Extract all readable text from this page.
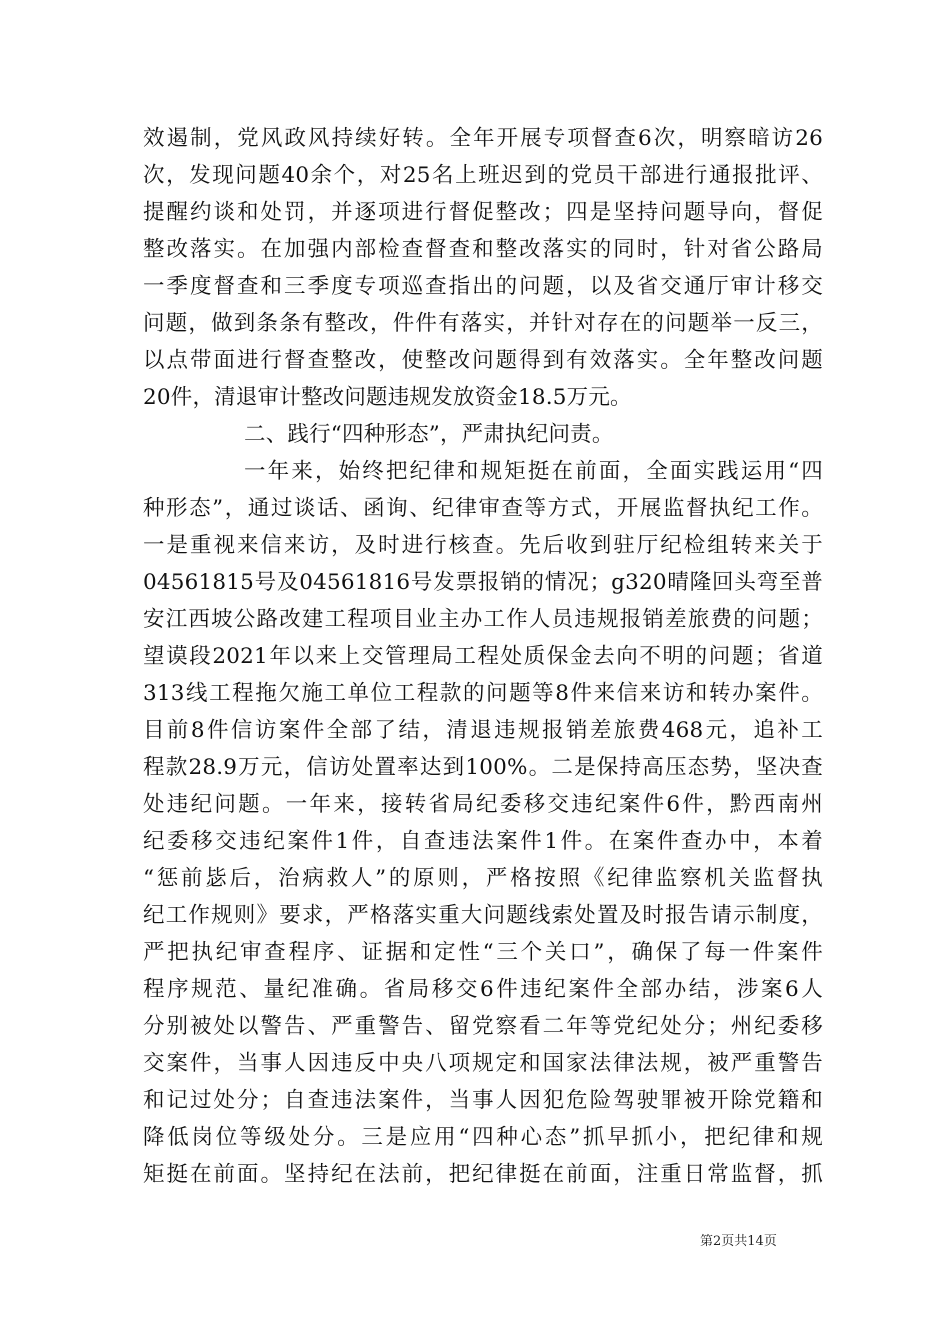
效遏制，党风政风持续好转。全年开展专项督查6次，明察暗访26
次，发现问题40余个，对25名上班迟到的党员干部进行通报批评、
提醒约谈和处罚，并逐项进行督促整改；四是坚持问题导向，督促
整改落实。在加强内部检查督查和整改落实的同时，针对省公路局
一季度督查和三季度专项巡查指出的问题，以及省交通厅审计移交
问题，做到条条有整改，件件有落实，并针对存在的问题举一反三，
以点带面进行督查整改，使整改问题得到有效落实。全年整改问题
20件，清退审计整改问题违规发放资金18.5万元。
二、践行“四种形态”，严肃执纪问责。
一年来，始终把纪律和规矩挺在前面，全面实践运用“四
种形态”，通过谈话、函询、纪律审查等方式，开展监督执纪工作。
一是重视来信来访，及时进行核查。先后收到驻厅纪检组转来关于
04561815号及04561816号发票报销的情况；g320晴隆回头弯至普
安江西坡公路改建工程项目业主办工作人员违规报销差旅费的问题；
望谟段2021年以来上交管理局工程处质保金去向不明的问题；省道
313线工程拖欠施工单位工程款的问题等8件来信来访和转办案件。
目前8件信访案件全部了结，清退违规报销差旅费468元，追补工
程款28.9万元，信访处置率达到100%。二是保持高压态势，坚决查
处违纪问题。一年来，接转省局纪委移交违纪案件6件，黔西南州
纪委移交违纪案件1件，自查违法案件1件。在案件查办中，本着
“惩前毖后，治病救人”的原则，严格按照《纪律监察机关监督执
纪工作规则》要求，严格落实重大问题线索处置及时报告请示制度，
严把执纪审查程序、证据和定性“三个关口”，确保了每一件案件
程序规范、量纪准确。省局移交6件违纪案件全部办结，涉案6人
分别被处以警告、严重警告、留党察看二年等党纪处分；州纪委移
交案件，当事人因违反中央八项规定和国家法律法规，被严重警告
和记过处分；自查违法案件，当事人因犯危险驾驶罪被开除党籍和
降低岗位等级处分。三是应用“四种心态”抓早抓小，把纪律和规
矩挺在前面。坚持纪在法前，把纪律挺在前面，注重日常监督，抓
第2页共14页
